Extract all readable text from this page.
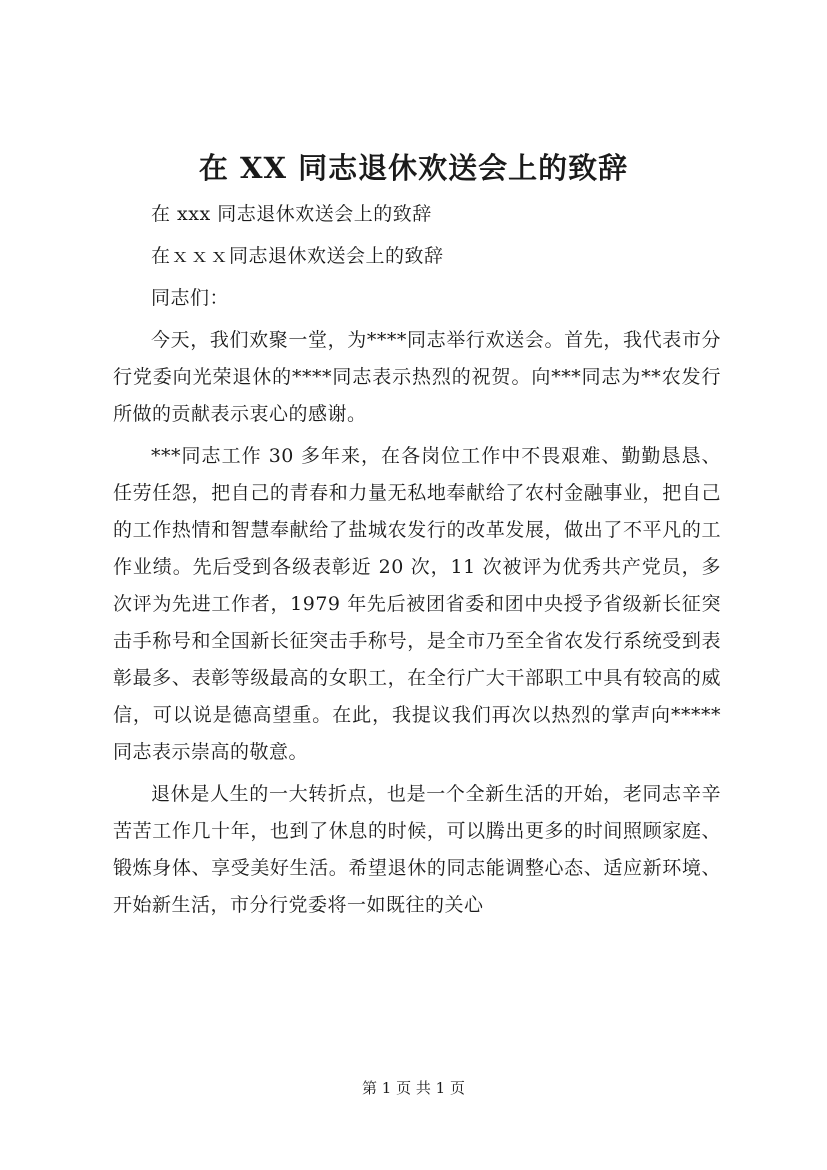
在 XX 同志退休欢送会上的致辞

在 xxx 同志退休欢送会上的致辞

在ｘｘｘ同志退休欢送会上的致辞

同志们：

今天，我们欢聚一堂，为****同志举行欢送会。首先，我代表市分行党委向光荣退休的****同志表示热烈的祝贺。向***同志为**农发行所做的贡献表示衷心的感谢。

***同志工作 30 多年来，在各岗位工作中不畏艰难、勤勤恳恳、任劳任怨，把自己的青春和力量无私地奉献给了农村金融事业，把自己的工作热情和智慧奉献给了盐城农发行的改革发展，做出了不平凡的工作业绩。先后受到各级表彰近 20 次，11 次被评为优秀共产党员，多次评为先进工作者，1979 年先后被团省委和团中央授予省级新长征突击手称号和全国新长征突击手称号，是全市乃至全省农发行系统受到表彰最多、表彰等级最高的女职工，在全行广大干部职工中具有较高的威信，可以说是德高望重。在此，我提议我们再次以热烈的掌声向*****同志表示崇高的敬意。

退休是人生的一大转折点，也是一个全新生活的开始，老同志辛辛苦苦工作几十年，也到了休息的时候，可以腾出更多的时间照顾家庭、锻炼身体、享受美好生活。希望退休的同志能调整心态、适应新环境、开始新生活，市分行党委将一如既往的关心

第 1 页 共 1 页
